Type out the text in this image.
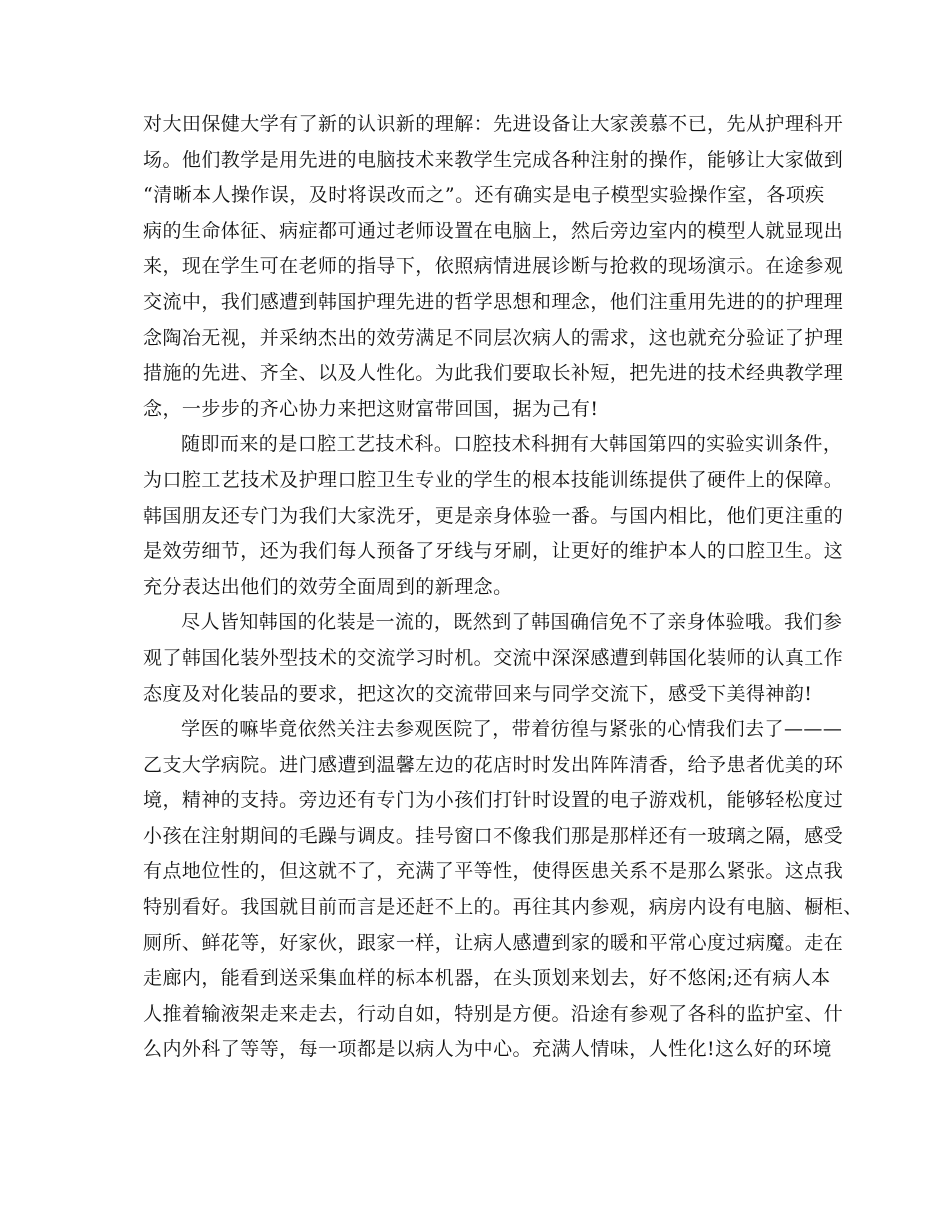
对大田保健大学有了新的认识新的理解：先进设备让大家羡慕不已，先从护理科开
场。他们教学是用先进的电脑技术来教学生完成各种注射的操作，能够让大家做到
“清晰本人操作误，及时将误改而之”。还有确实是电子模型实验操作室，各项疾
病的生命体征、病症都可通过老师设置在电脑上，然后旁边室内的模型人就显现出
来，现在学生可在老师的指导下，依照病情进展诊断与抢救的现场演示。在途参观
交流中，我们感遭到韩国护理先进的哲学思想和理念，他们注重用先进的的护理理
念陶冶无视，并采纳杰出的效劳满足不同层次病人的需求，这也就充分验证了护理
措施的先进、齐全、以及人性化。为此我们要取长补短，把先进的技术经典教学理
念，一步步的齐心协力来把这财富带回国，据为己有!
随即而来的是口腔工艺技术科。口腔技术科拥有大韩国第四的实验实训条件，
为口腔工艺技术及护理口腔卫生专业的学生的根本技能训练提供了硬件上的保障。
韩国朋友还专门为我们大家洗牙，更是亲身体验一番。与国内相比，他们更注重的
是效劳细节，还为我们每人预备了牙线与牙刷，让更好的维护本人的口腔卫生。这
充分表达出他们的效劳全面周到的新理念。
尽人皆知韩国的化装是一流的，既然到了韩国确信免不了亲身体验哦。我们参
观了韩国化装外型技术的交流学习时机。交流中深深感遭到韩国化装师的认真工作
态度及对化装品的要求，把这次的交流带回来与同学交流下，感受下美得神韵!
学医的嘛毕竟依然关注去参观医院了，带着彷徨与紧张的心情我们去了———
乙支大学病院。进门感遭到温馨左边的花店时时发出阵阵清香，给予患者优美的环
境，精神的支持。旁边还有专门为小孩们打针时设置的电子游戏机，能够轻松度过
小孩在注射期间的毛躁与调皮。挂号窗口不像我们那是那样还有一玻璃之隔，感受
有点地位性的，但这就不了，充满了平等性，使得医患关系不是那么紧张。这点我
特别看好。我国就目前而言是还赶不上的。再往其内参观，病房内设有电脑、橱柜、
厕所、鲜花等，好家伙，跟家一样，让病人感遭到家的暖和平常心度过病魔。走在
走廊内，能看到送采集血样的标本机器，在头顶划来划去，好不悠闲;还有病人本
人推着输液架走来走去，行动自如，特别是方便。沿途有参观了各科的监护室、什
么内外科了等等，每一项都是以病人为中心。充满人情味，人性化!这么好的环境
